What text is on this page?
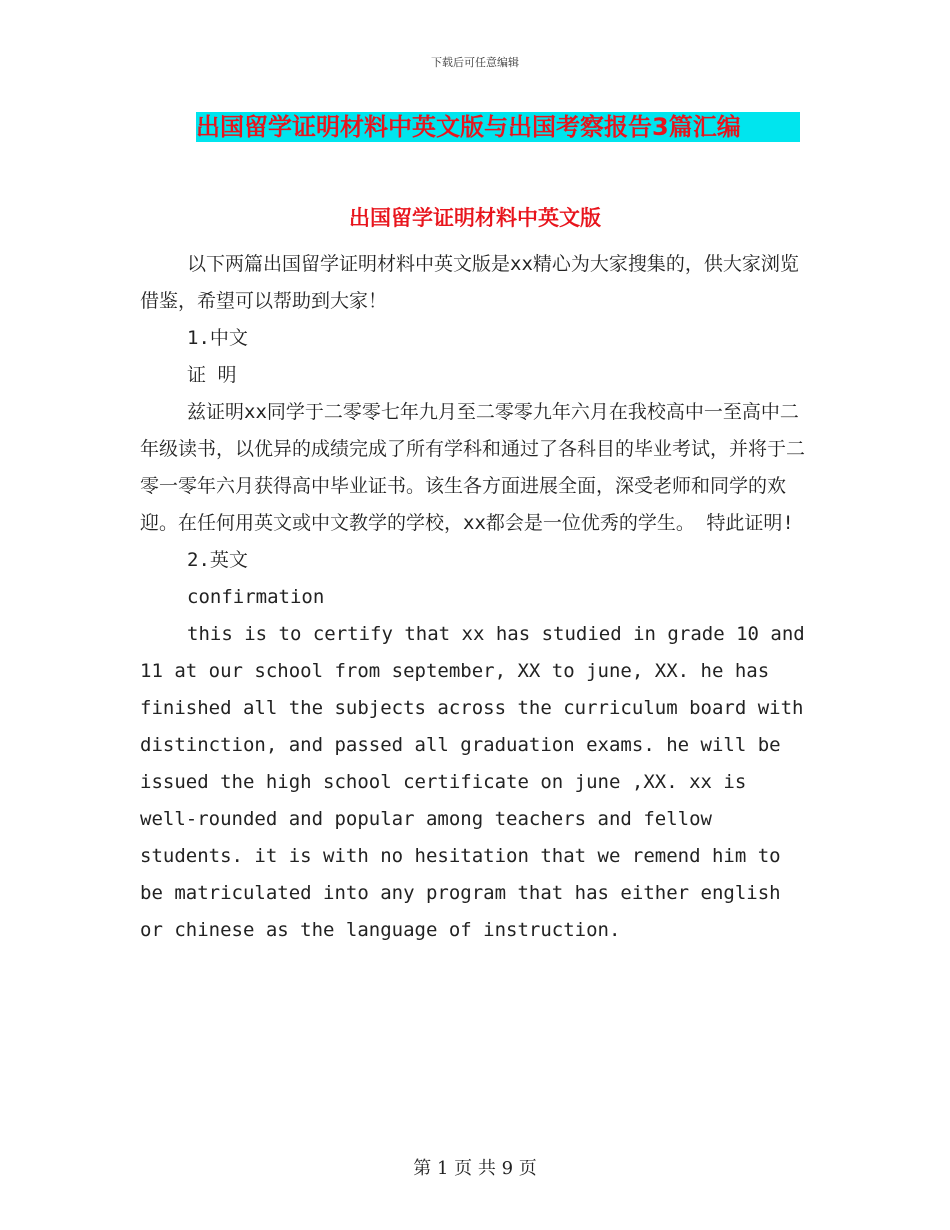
下载后可任意编辑
出国留学证明材料中英文版与出国考察报告3篇汇编
出国留学证明材料中英文版

以下两篇出国留学证明材料中英文版是xx精心为大家搜集的，供大家浏览借鉴，希望可以帮助到大家！

1.中文

证 明

兹证明xx同学于二零零七年九月至二零零九年六月在我校高中一至高中二年级读书，以优异的成绩完成了所有学科和通过了各科目的毕业考试，并将于二零一零年六月获得高中毕业证书。该生各方面进展全面，深受老师和同学的欢迎。在任何用英文或中文教学的学校，xx都会是一位优秀的学生。 特此证明!

2.英文

confirmation

this is to certify that xx has studied in grade 10 and 11 at our school from september, XX to june, XX. he has finished all the subjects across the curriculum board with distinction, and passed all graduation exams. he will be issued the high school certificate on june ,XX. xx is well-rounded and popular among teachers and fellow students. it is with no hesitation that we remend him to be matriculated into any program that has either english or chinese as the language of instruction.

第 1 页 共 9 页
